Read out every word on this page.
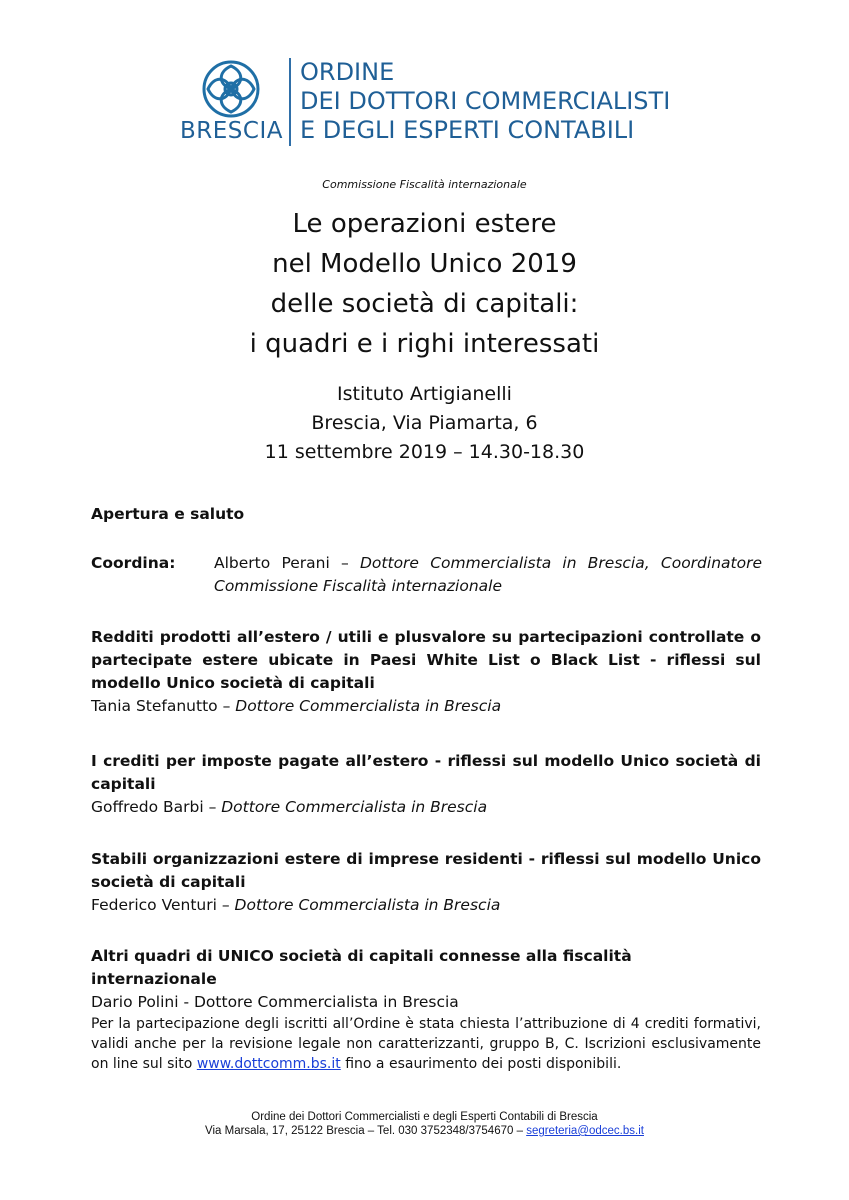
BRESCIA
ORDINE
DEI DOTTORI COMMERCIALISTI
E DEGLI ESPERTI CONTABILI
Commissione Fiscalità internazionale
Le operazioni estere
nel Modello Unico 2019
delle società di capitali:
i quadri e i righi interessati
Istituto Artigianelli
Brescia, Via Piamarta, 6
11 settembre 2019 – 14.30-18.30
Apertura e saluto
Coordina: Alberto Perani – Dottore Commercialista in Brescia, Coordinatore Commissione Fiscalità internazionale
Redditi prodotti all’estero / utili e plusvalore su partecipazioni controllate o partecipate estere ubicate in Paesi White List o Black List - riflessi sul modello Unico società di capitali
Tania Stefanutto – Dottore Commercialista in Brescia
I crediti per imposte pagate all’estero - riflessi sul modello Unico società di capitali
Goffredo Barbi – Dottore Commercialista in Brescia
Stabili organizzazioni estere di imprese residenti - riflessi sul modello Unico società di capitali
Federico Venturi – Dottore Commercialista in Brescia
Altri quadri di UNICO società di capitali connesse alla fiscalità internazionale
Dario Polini - Dottore Commercialista in Brescia
Per la partecipazione degli iscritti all’Ordine è stata chiesta l’attribuzione di 4 crediti formativi, validi anche per la revisione legale non caratterizzanti, gruppo B, C. Iscrizioni esclusivamente on line sul sito www.dottcomm.bs.it fino a esaurimento dei posti disponibili.
Ordine dei Dottori Commercialisti e degli Esperti Contabili di Brescia
Via Marsala, 17, 25122 Brescia – Tel. 030 3752348/3754670 – segreteria@odcec.bs.it
